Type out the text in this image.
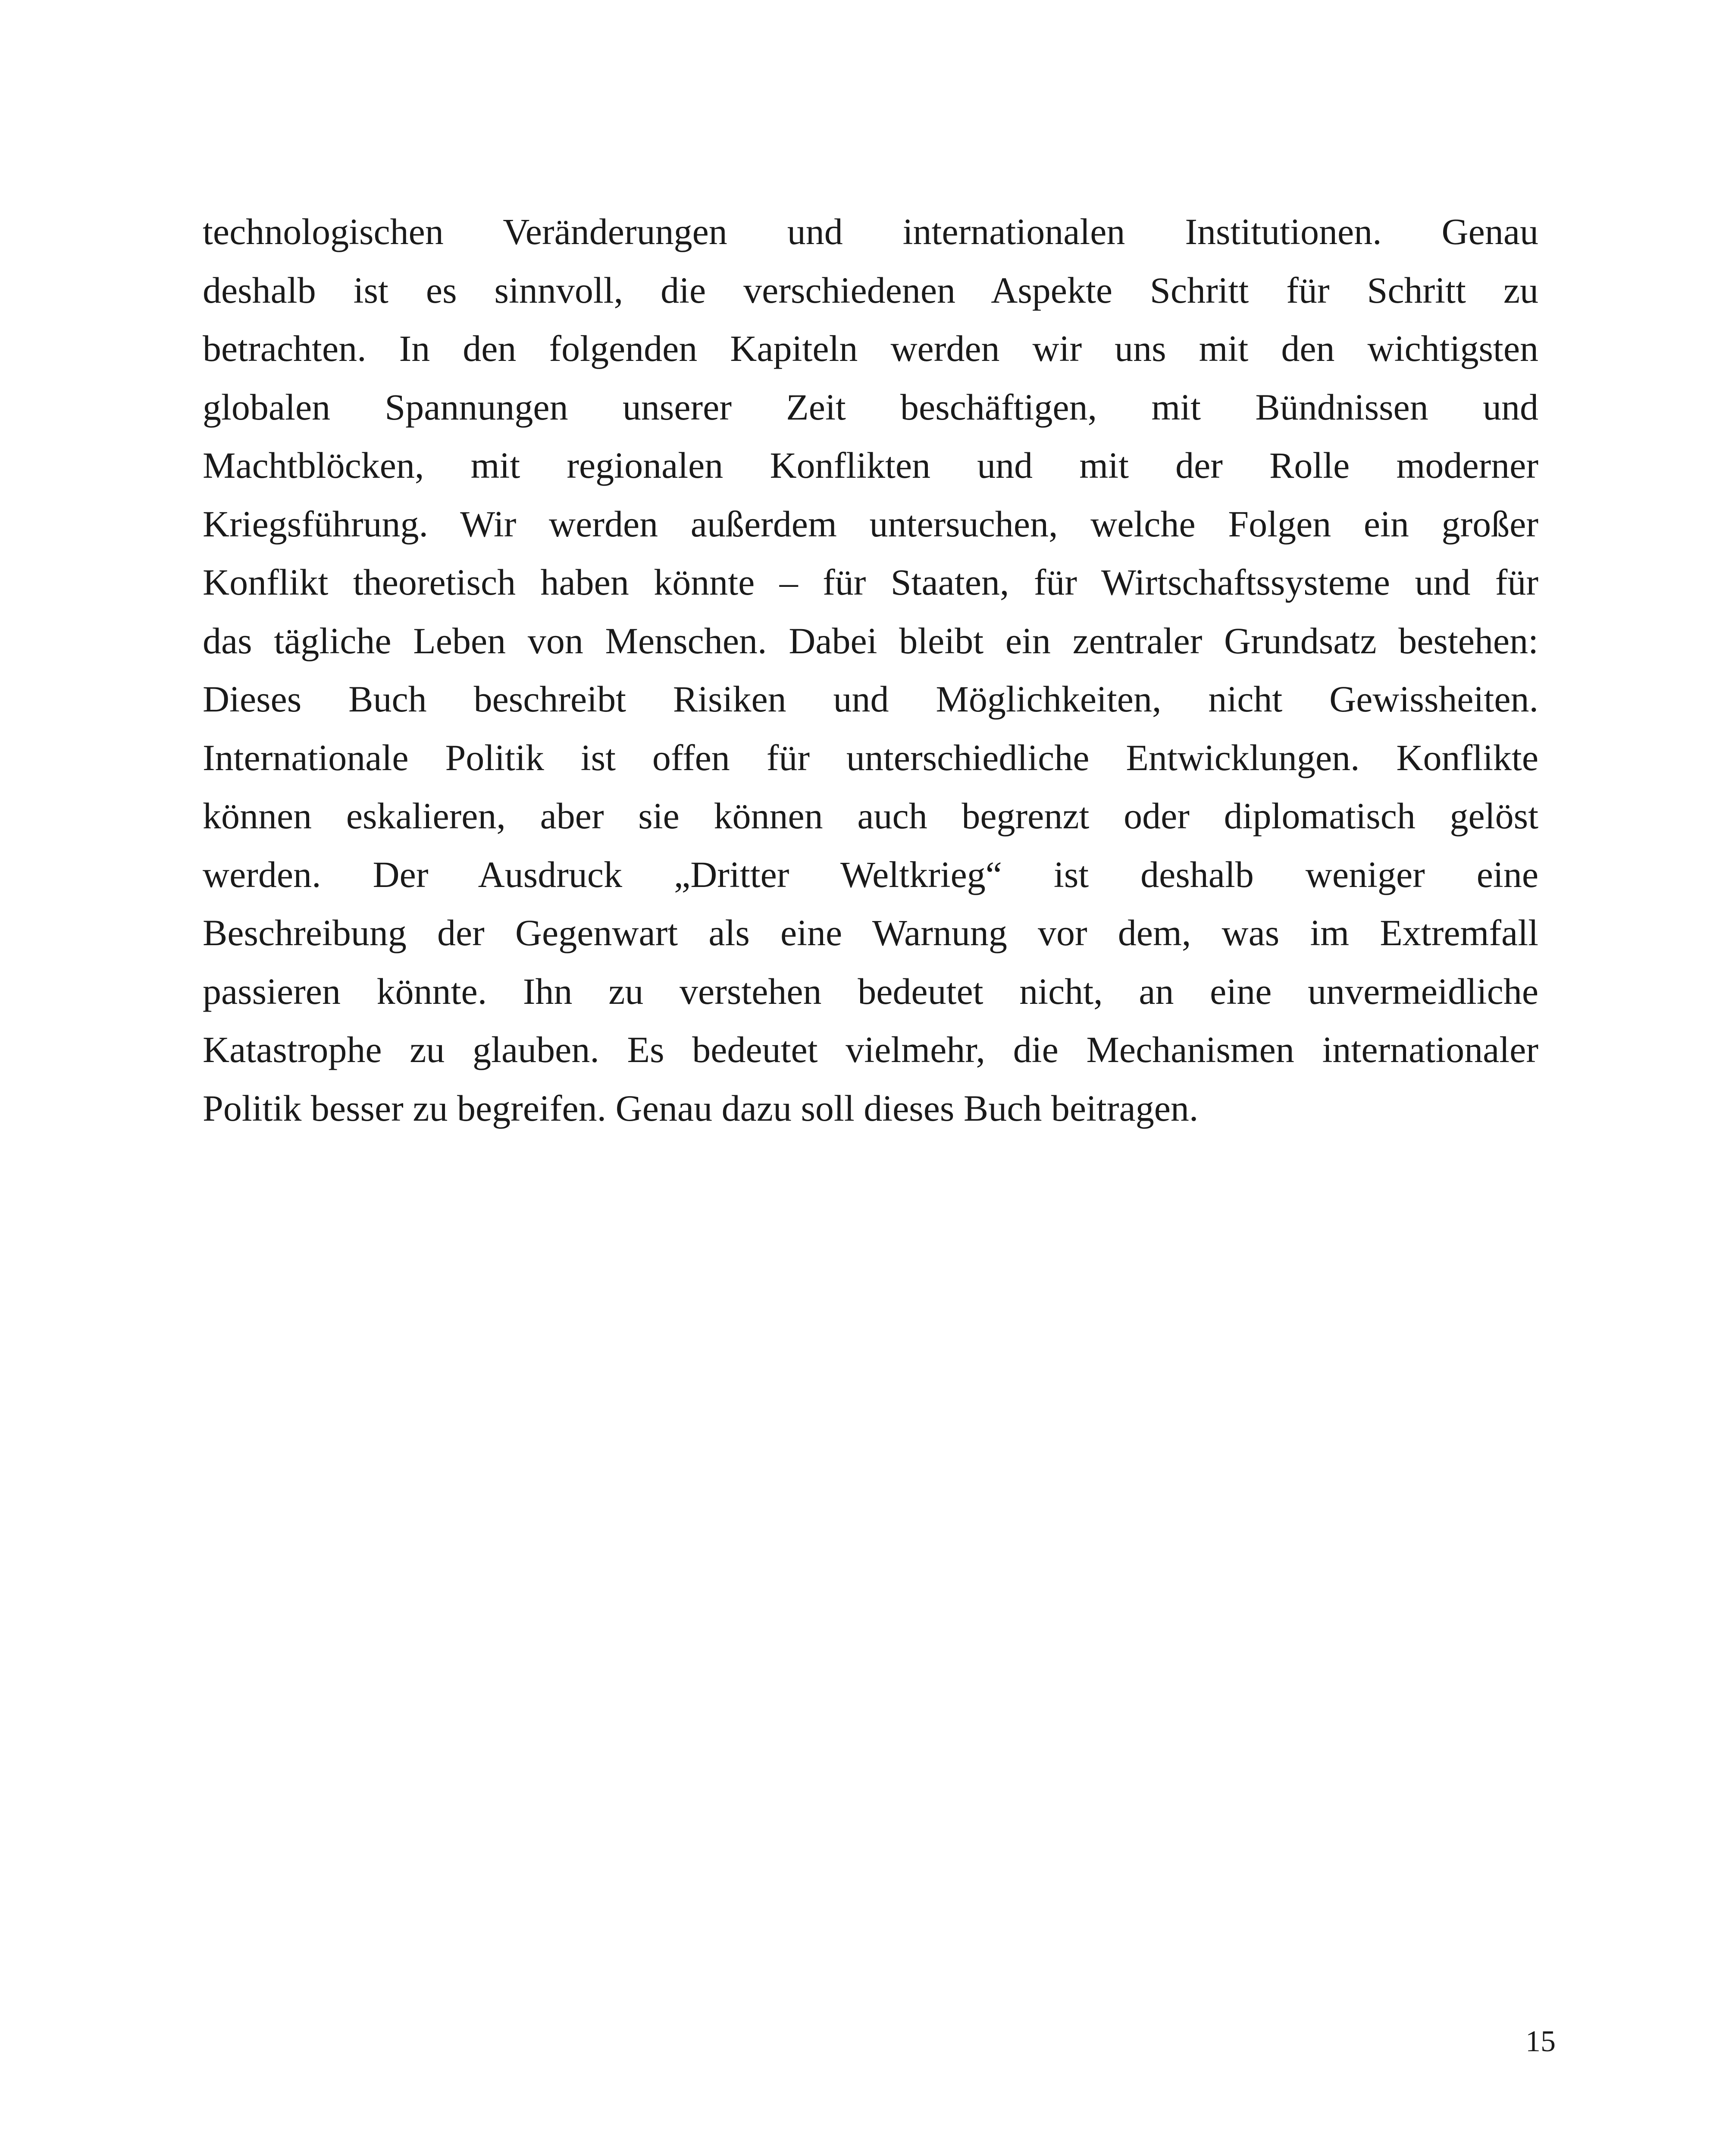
technologischen Veränderungen und internationalen Institutionen. Genau
deshalb ist es sinnvoll, die verschiedenen Aspekte Schritt für Schritt zu
betrachten. In den folgenden Kapiteln werden wir uns mit den wichtigsten
globalen Spannungen unserer Zeit beschäftigen, mit Bündnissen und
Machtblöcken, mit regionalen Konflikten und mit der Rolle moderner
Kriegsführung. Wir werden außerdem untersuchen, welche Folgen ein großer
Konflikt theoretisch haben könnte – für Staaten, für Wirtschaftssysteme und für
das tägliche Leben von Menschen. Dabei bleibt ein zentraler Grundsatz bestehen:
Dieses Buch beschreibt Risiken und Möglichkeiten, nicht Gewissheiten.
Internationale Politik ist offen für unterschiedliche Entwicklungen. Konflikte
können eskalieren, aber sie können auch begrenzt oder diplomatisch gelöst
werden. Der Ausdruck „Dritter Weltkrieg“ ist deshalb weniger eine
Beschreibung der Gegenwart als eine Warnung vor dem, was im Extremfall
passieren könnte. Ihn zu verstehen bedeutet nicht, an eine unvermeidliche
Katastrophe zu glauben. Es bedeutet vielmehr, die Mechanismen internationaler
Politik besser zu begreifen. Genau dazu soll dieses Buch beitragen.
15
